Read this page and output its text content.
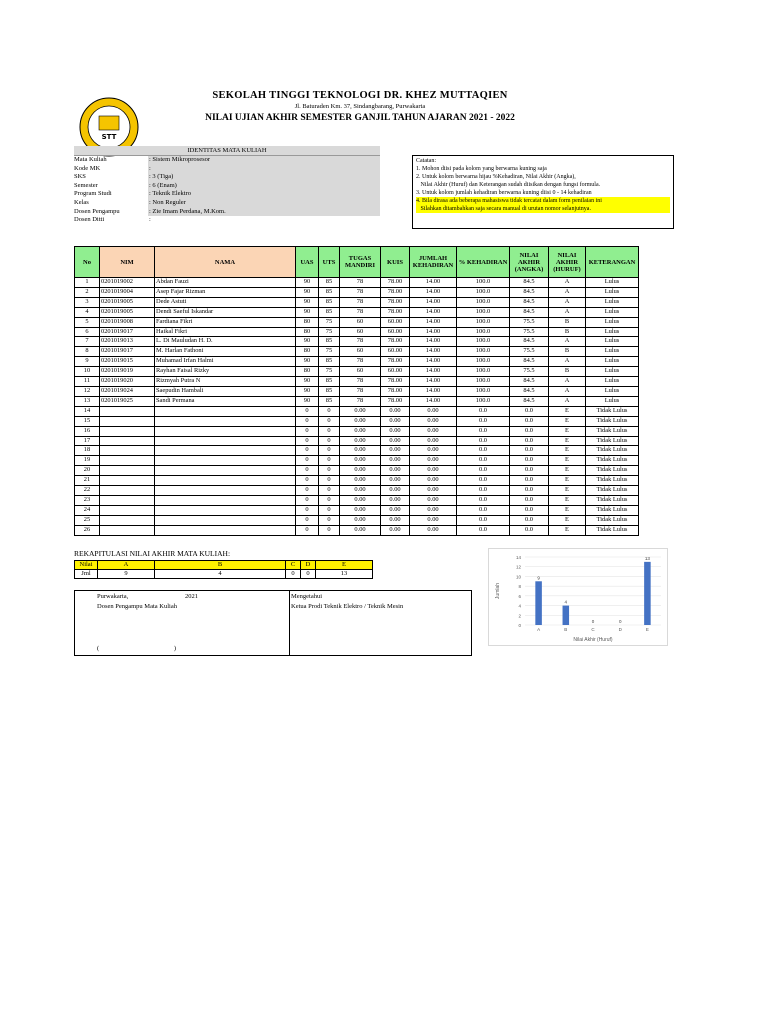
STT
SEKOLAH TINGGI TEKNOLOGI DR. KHEZ MUTTAQIEN
Jl. Baturaden Km. 37, Sindangbarang, Purwakarta
NILAI UJIAN AKHIR SEMESTER GANJIL TAHUN AJARAN 2021 - 2022
IDENTITAS MATA KULIAH
Mata Kuliah	: Sistem Mikroprosesor
Kode MK	:
SKS	: 3 (Tiga)
Semester	: 6 (Enam)
Program Studi	: Teknik Elektro
Kelas	: Non Reguler
Dosen Pengampu	: Zie Imam Perdana, M.Kom.
Dosen Ditti	:
Catatan:
1. Mohon diisi pada kolom yang berwarna kuning saja
2. Untuk kolom berwarna hijau %Kehadiran, Nilai Akhir (Angka),
Nilai Akhir (Huruf) dan Keterangan sudah diisikan dengan fungsi formula.
3. Untuk kolom jumlah kehadiran berwarna kuning diisi 0 - 14 kehadiran
4. Bila dirasa ada beberapa mahasiswa tidak tercatat dalam form penilaian ini
Silahkan ditambahkan saja secara manual di urutan nomor selanjutnya.
No	NIM	NAMA	UAS	UTS	TUGAS MANDIRI	KUIS	JUMLAH KEHADIRAN	% KEHADIRAN	NILAI AKHIR (ANGKA)	NILAI AKHIR (HURUF)	KETERANGAN
1	0201019002	Abdan Fauzi	90	85	78	78.00	14.00	100.0	84.5	A	Lulus
2	0201019004	Asep Fajar Rizman	90	85	78	78.00	14.00	100.0	84.5	A	Lulus
3	0201019005	Dede Astuti	90	85	78	78.00	14.00	100.0	84.5	A	Lulus
4	0201019005	Dendi Saeful Iskandar	90	85	78	78.00	14.00	100.0	84.5	A	Lulus
5	0201019008	Fardiana Fikri	80	75	60	60.00	14.00	100.0	75.5	B	Lulus
6	0201019017	Haikal Fikri	80	75	60	60.00	14.00	100.0	75.5	B	Lulus
7	0201019013	L. Di Mauludan H. D.	90	85	78	78.00	14.00	100.0	84.5	A	Lulus
8	0201019017	M. Harlan Fathoni	80	75	60	60.00	14.00	100.0	75.5	B	Lulus
9	0201019015	Muhamad Irfan Halmi	90	85	78	78.00	14.00	100.0	84.5	A	Lulus
10	0201019019	Rayhan Faisal Rizky	80	75	60	60.00	14.00	100.0	75.5	B	Lulus
11	0201019020	Rizmyah Putra N	90	85	78	78.00	14.00	100.0	84.5	A	Lulus
12	0201019024	Saepudin Hambali	90	85	78	78.00	14.00	100.0	84.5	A	Lulus
13	0201019025	Sandi Permana	90	85	78	78.00	14.00	100.0	84.5	A	Lulus
14			0	0	0.00	0.00	0.00	0.0	0.0	E	Tidak Lulus
15			0	0	0.00	0.00	0.00	0.0	0.0	E	Tidak Lulus
16			0	0	0.00	0.00	0.00	0.0	0.0	E	Tidak Lulus
17			0	0	0.00	0.00	0.00	0.0	0.0	E	Tidak Lulus
18			0	0	0.00	0.00	0.00	0.0	0.0	E	Tidak Lulus
19			0	0	0.00	0.00	0.00	0.0	0.0	E	Tidak Lulus
20			0	0	0.00	0.00	0.00	0.0	0.0	E	Tidak Lulus
21			0	0	0.00	0.00	0.00	0.0	0.0	E	Tidak Lulus
22			0	0	0.00	0.00	0.00	0.0	0.0	E	Tidak Lulus
23			0	0	0.00	0.00	0.00	0.0	0.0	E	Tidak Lulus
24			0	0	0.00	0.00	0.00	0.0	0.0	E	Tidak Lulus
25			0	0	0.00	0.00	0.00	0.0	0.0	E	Tidak Lulus
26			0	0	0.00	0.00	0.00	0.0	0.0	E	Tidak Lulus
REKAPITULASI NILAI AKHIR MATA KULIAH:
Nilai	A	B	C	D	E
Jml	9	4	0	0	13
Purwakarta,	2021
Dosen Pengampu Mata Kuliah
(                                              )
Mengetahui
Ketua Prodi Teknik Elektro / Teknik Mesin
0
2
4
6
8
10
12
14
Jumlah
9
A
4
B
0
C
0
D
13
E
Nilai Akhir (Huruf)
